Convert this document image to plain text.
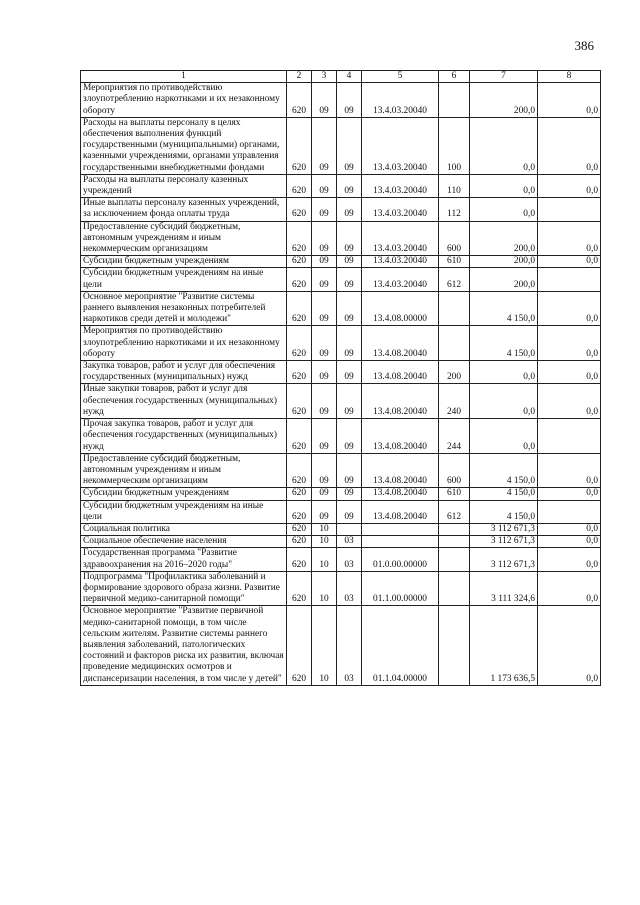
386
1	2	3	4	5	6	7	8
Мероприятия по противодействию злоупотреблению наркотиками и их незаконному обороту	620	09	09	13.4.03.20040		200,0	0,0
Расходы на выплаты персоналу в целях обеспечения выполнения функций государственными (муниципальными) органами, казенными учреждениями, органами управления государственными внебюджетными фондами	620	09	09	13.4.03.20040	100	0,0	0,0
Расходы на выплаты персоналу казенных учреждений	620	09	09	13.4.03.20040	110	0,0	0,0
Иные выплаты персоналу казенных учреждений, за исключением фонда оплаты труда	620	09	09	13.4.03.20040	112	0,0	
Предоставление субсидий бюджетным, автономным учреждениям и иным некоммерческим организациям	620	09	09	13.4.03.20040	600	200,0	0,0
Субсидии бюджетным учреждениям	620	09	09	13.4.03.20040	610	200,0	0,0
Субсидии бюджетным учреждениям на иные цели	620	09	09	13.4.03.20040	612	200,0	
Основное мероприятие "Развитие системы раннего выявления незаконных потребителей наркотиков среди детей и молодежи"	620	09	09	13.4.08.00000		4 150,0	0,0
Мероприятия по противодействию злоупотреблению наркотиками и их незаконному обороту	620	09	09	13.4.08.20040		4 150,0	0,0
Закупка товаров, работ и услуг для обеспечения государственных (муниципальных) нужд	620	09	09	13.4.08.20040	200	0,0	0,0
Иные закупки товаров, работ и услуг для обеспечения государственных (муниципальных) нужд	620	09	09	13.4.08.20040	240	0,0	0,0
Прочая закупка товаров, работ и услуг для обеспечения государственных (муниципальных) нужд	620	09	09	13.4.08.20040	244	0,0	
Предоставление субсидий бюджетным, автономным учреждениям и иным некоммерческим организациям	620	09	09	13.4.08.20040	600	4 150,0	0,0
Субсидии бюджетным учреждениям	620	09	09	13.4.08.20040	610	4 150,0	0,0
Субсидии бюджетным учреждениям на иные цели	620	09	09	13.4.08.20040	612	4 150,0	
Социальная политика	620	10				3 112 671,3	0,0
Социальное обеспечение населения	620	10	03			3 112 671,3	0,0
Государственная программа "Развитие здравоохранения на 2016–2020 годы"	620	10	03	01.0.00.00000		3 112 671,3	0,0
Подпрограмма "Профилактика заболеваний и формирование здорового образа жизни. Развитие первичной медико-санитарной помощи"	620	10	03	01.1.00.00000		3 111 324,6	0,0
Основное мероприятие "Развитие первичной медико-санитарной помощи, в том числе сельским жителям. Развитие системы раннего выявления заболеваний, патологических состояний и факторов риска их развития, включая проведение медицинских осмотров и диспансеризации населения, в том числе у детей"	620	10	03	01.1.04.00000		1 173 636,5	0,0
